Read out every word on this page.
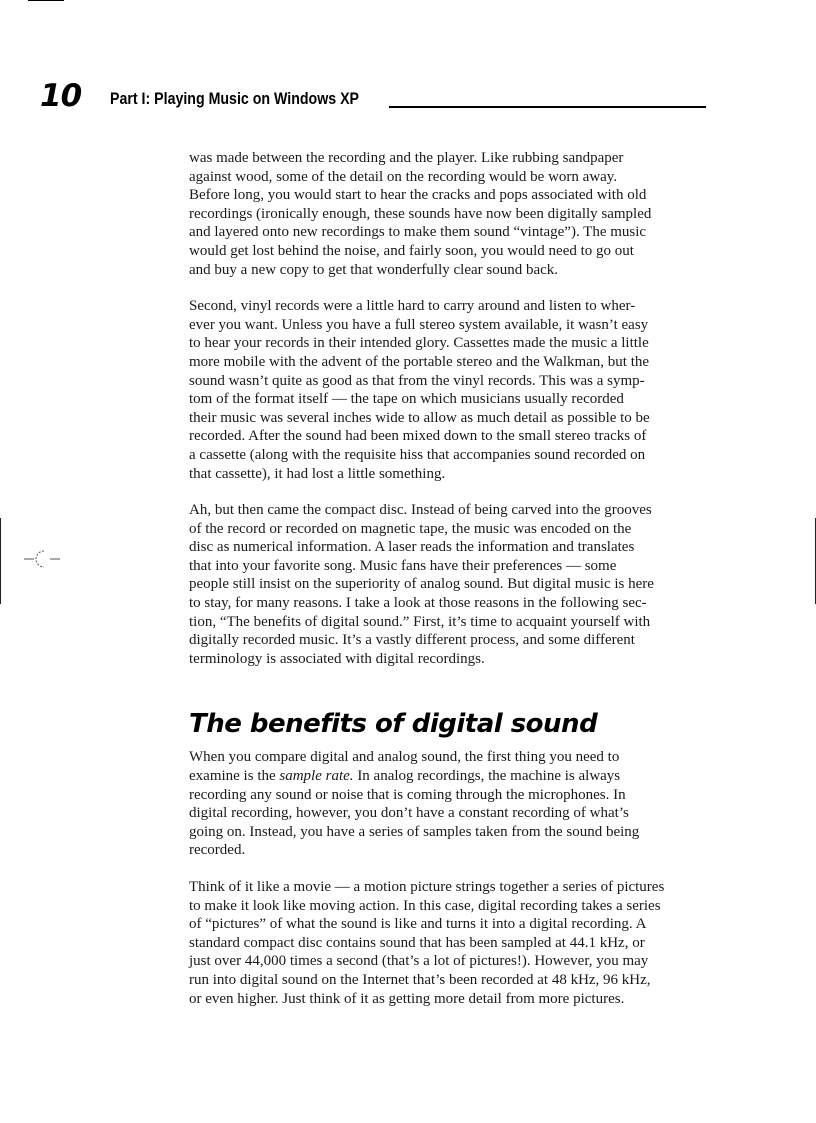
10 Part I: Playing Music on Windows XP

was made between the recording and the player. Like rubbing sandpaper
against wood, some of the detail on the recording would be worn away.
Before long, you would start to hear the cracks and pops associated with old
recordings (ironically enough, these sounds have now been digitally sampled
and layered onto new recordings to make them sound “vintage”). The music
would get lost behind the noise, and fairly soon, you would need to go out
and buy a new copy to get that wonderfully clear sound back.

Second, vinyl records were a little hard to carry around and listen to wher-
ever you want. Unless you have a full stereo system available, it wasn’t easy
to hear your records in their intended glory. Cassettes made the music a little
more mobile with the advent of the portable stereo and the Walkman, but the
sound wasn’t quite as good as that from the vinyl records. This was a symp-
tom of the format itself — the tape on which musicians usually recorded
their music was several inches wide to allow as much detail as possible to be
recorded. After the sound had been mixed down to the small stereo tracks of
a cassette (along with the requisite hiss that accompanies sound recorded on
that cassette), it had lost a little something.

Ah, but then came the compact disc. Instead of being carved into the grooves
of the record or recorded on magnetic tape, the music was encoded on the
disc as numerical information. A laser reads the information and translates
that into your favorite song. Music fans have their preferences — some
people still insist on the superiority of analog sound. But digital music is here
to stay, for many reasons. I take a look at those reasons in the following sec-
tion, “The benefits of digital sound.” First, it’s time to acquaint yourself with
digitally recorded music. It’s a vastly different process, and some different
terminology is associated with digital recordings.

The benefits of digital sound

When you compare digital and analog sound, the first thing you need to
examine is the sample rate. In analog recordings, the machine is always
recording any sound or noise that is coming through the microphones. In
digital recording, however, you don’t have a constant recording of what’s
going on. Instead, you have a series of samples taken from the sound being
recorded.

Think of it like a movie — a motion picture strings together a series of pictures
to make it look like moving action. In this case, digital recording takes a series
of “pictures” of what the sound is like and turns it into a digital recording. A
standard compact disc contains sound that has been sampled at 44.1 kHz, or
just over 44,000 times a second (that’s a lot of pictures!). However, you may
run into digital sound on the Internet that’s been recorded at 48 kHz, 96 kHz,
or even higher. Just think of it as getting more detail from more pictures.
